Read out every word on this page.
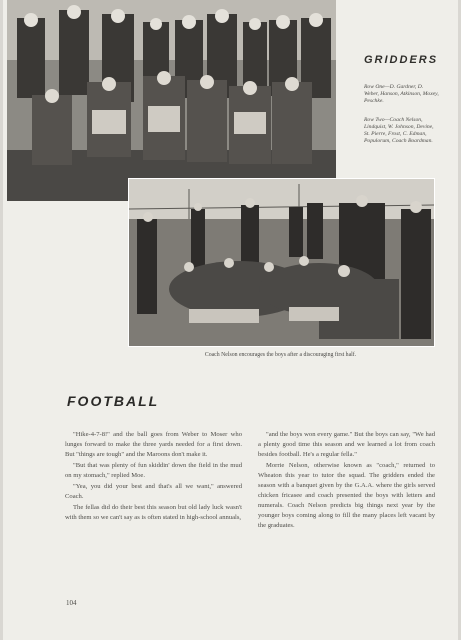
GRIDDERS
Row One—D. Gardner, D. Weber, Hanson, Atkinson, Moxey, Peschke.
Row Two—Coach Nelson, Lindquist, W. Johnson, Devine, St. Pierre, Frost, C. Edman, Populorum, Coach Boardman.
Coach Nelson encourages the boys after a discouraging first half.
FOOTBALL

"Hike-4-7-8!" and the ball goes from Weber to Moser who lunges forward to make the three yards needed for a first down. But "things are tough" and the Maroons don't make it.

"But that was plenty of fun skiddin' down the field in the mud on my stomach," replied Moe.

"Yea, you did your best and that's all we want," answered Coach.

The fellas did do their best this season but old lady luck wasn't with them so we can't say as is often stated in high-school annuals,

"and the boys won every game." But the boys can say, "We had a plenty good time this season and we learned a lot from coach besides football. He's a regular fella."

Morrie Nelson, otherwise known as "coach," returned to Wheaton this year to tutor the squad. The gridders ended the season with a banquet given by the G.A.A. where the girls served chicken fricasee and coach presented the boys with letters and numerals. Coach Nelson predicts big things next year by the younger boys coming along to fill the many places left vacant by the graduates.

104
